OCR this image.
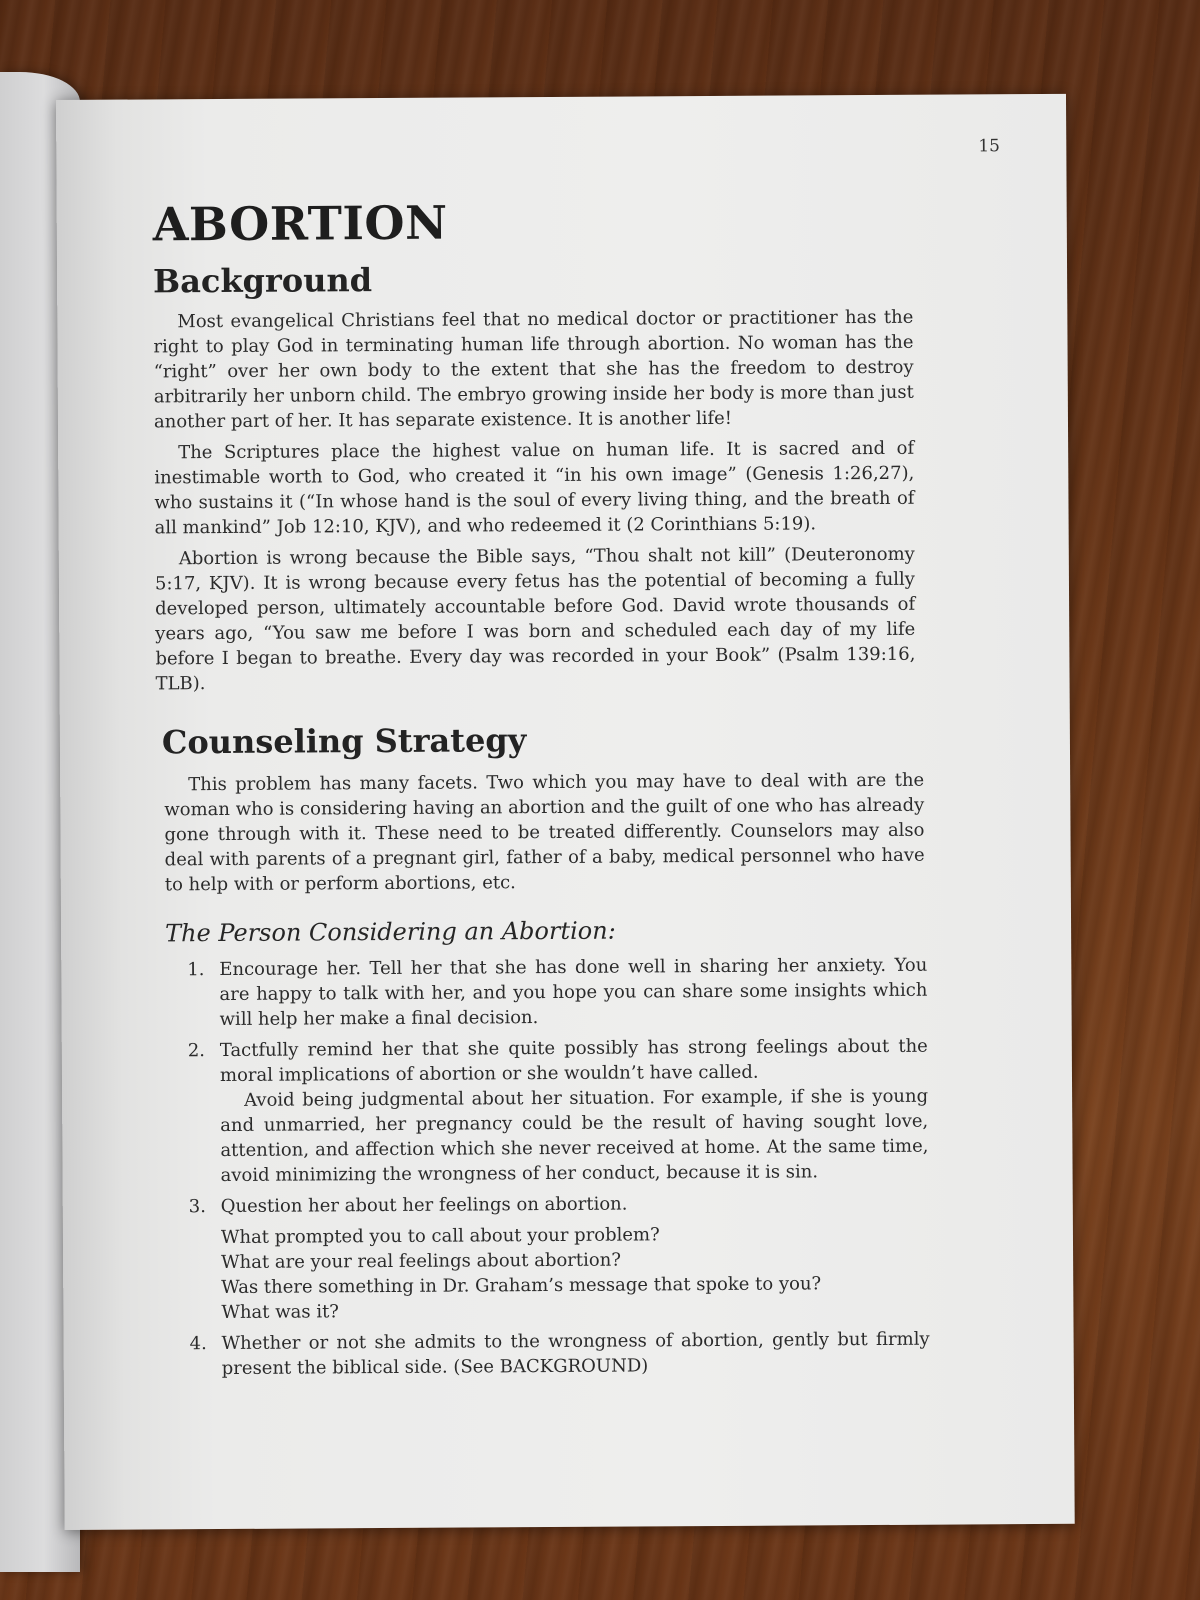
15
ABORTION
Background

Most evangelical Christians feel that no medical doctor or practitioner has the right to play God in terminating human life through abortion. No woman has the “right” over her own body to the extent that she has the freedom to destroy arbitrarily her unborn child. The embryo growing inside her body is more than just another part of her. It has separate existence. It is another life!

The Scriptures place the highest value on human life. It is sacred and of inestimable worth to God, who created it “in his own image” (Genesis 1:26,27), who sustains it (“In whose hand is the soul of every living thing, and the breath of all mankind” Job 12:10, KJV), and who redeemed it (2 Corinthians 5:19).

Abortion is wrong because the Bible says, “Thou shalt not kill” (Deuteronomy 5:17, KJV). It is wrong because every fetus has the potential of becoming a fully developed person, ultimately accountable before God. David wrote thousands of years ago, “You saw me before I was born and scheduled each day of my life before I began to breathe. Every day was recorded in your Book” (Psalm 139:16, TLB).

Counseling Strategy

This problem has many facets. Two which you may have to deal with are the woman who is considering having an abortion and the guilt of one who has already gone through with it. These need to be treated differently. Counselors may also deal with parents of a pregnant girl, father of a baby, medical personnel who have to help with or perform abortions, etc.

The Person Considering an Abortion:
1. Encourage her. Tell her that she has done well in sharing her anxiety. You are happy to talk with her, and you hope you can share some insights which will help her make a final decision.
2. Tactfully remind her that she quite possibly has strong feelings about the moral implications of abortion or she wouldn’t have called.

Avoid being judgmental about her situation. For example, if she is young and unmarried, her pregnancy could be the result of having sought love, attention, and affection which she never received at home. At the same time, avoid minimizing the wrongness of her conduct, because it is sin.

3. Question her about her feelings on abortion.

What prompted you to call about your problem?

What are your real feelings about abortion?

Was there something in Dr. Graham’s message that spoke to you?

What was it?

4. Whether or not she admits to the wrongness of abortion, gently but firmly present the biblical side. (See BACKGROUND)
